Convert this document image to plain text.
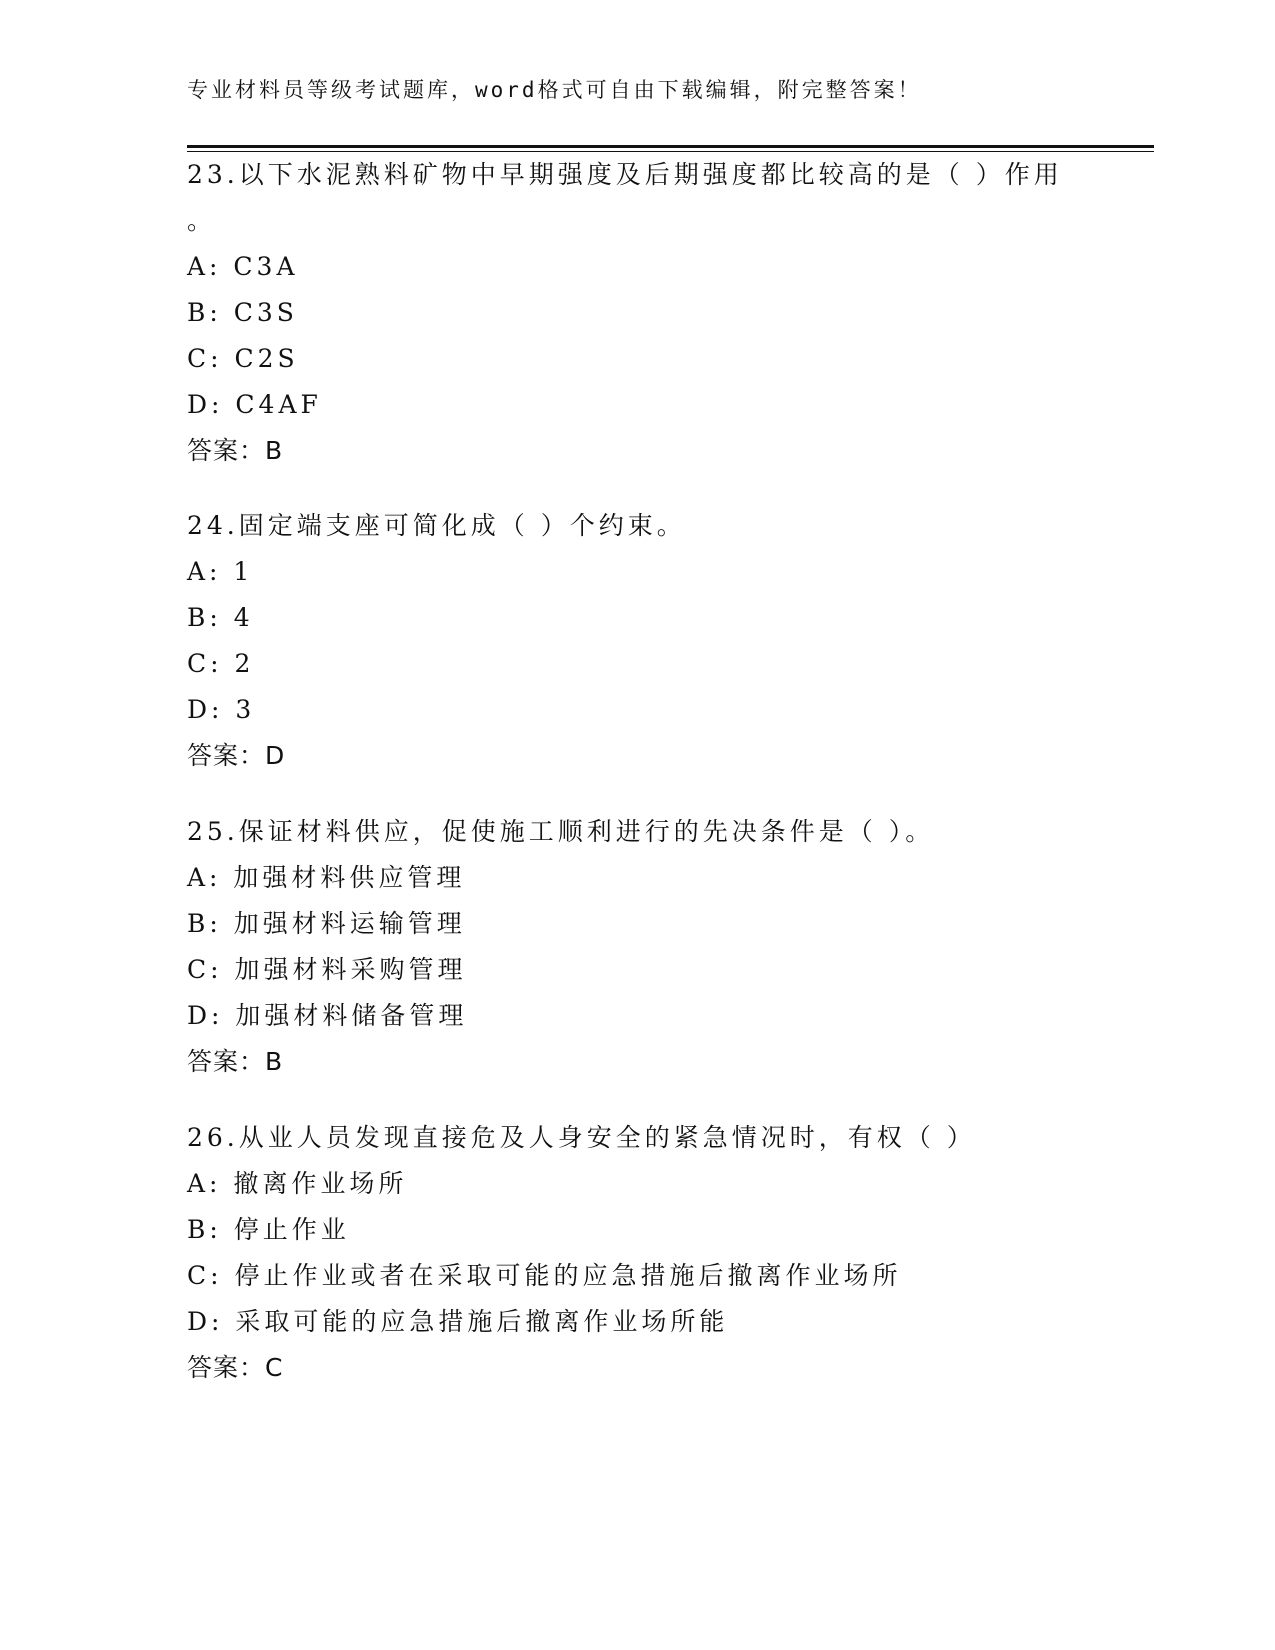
专业材料员等级考试题库，word格式可自由下载编辑，附完整答案！

23.以下水泥熟料矿物中早期强度及后期强度都比较高的是（ ）作用

。

A: C3A

B: C3S

C: C2S

D: C4AF

答案：B

24.固定端支座可简化成（ ）个约束。

A: 1

B: 4

C: 2

D: 3

答案：D

25.保证材料供应，促使施工顺利进行的先决条件是（ ）。

A: 加强材料供应管理

B: 加强材料运输管理

C: 加强材料采购管理

D: 加强材料储备管理

答案：B

26.从业人员发现直接危及人身安全的紧急情况时，有权（ ）

A: 撤离作业场所

B: 停止作业

C: 停止作业或者在采取可能的应急措施后撤离作业场所

D: 采取可能的应急措施后撤离作业场所能

答案：C
